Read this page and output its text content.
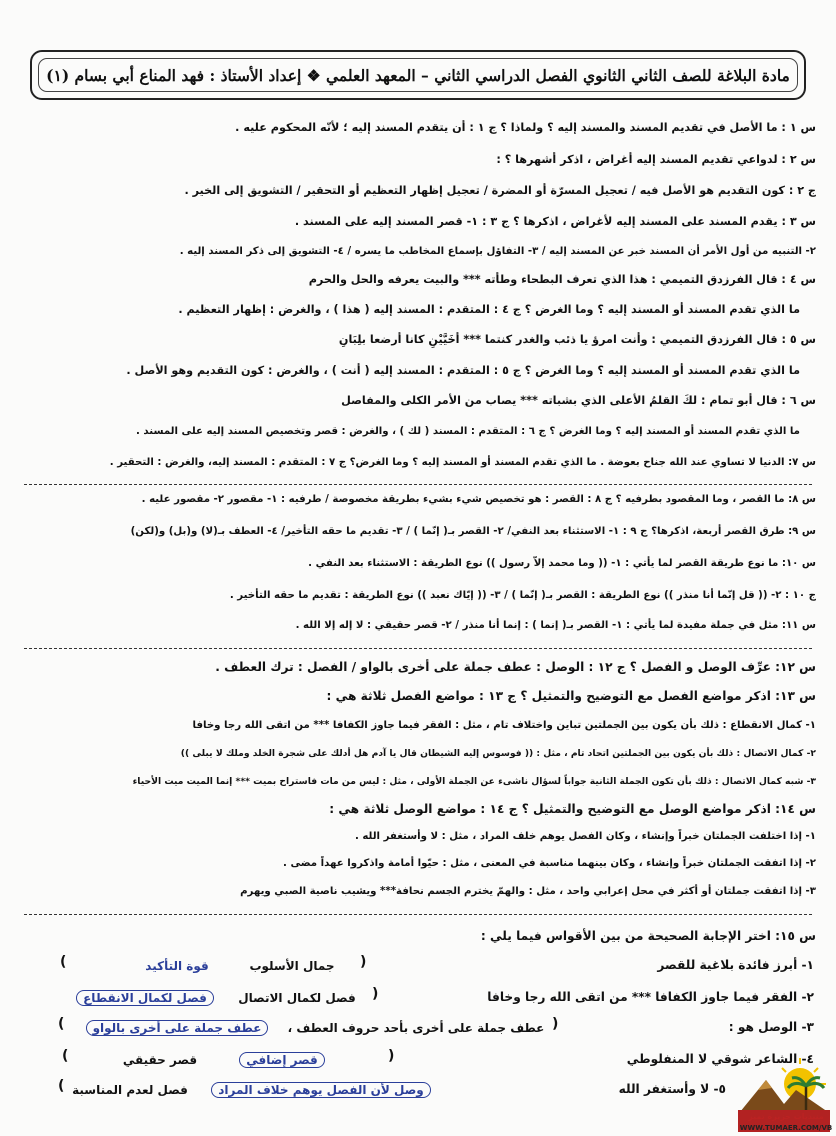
مادة البلاغة للصف الثاني الثانوي الفصل الدراسي الثاني – المعهد العلمي ❖ إعداد الأستاذ : فهد المناع أبي بسام (١)
س ١ : ما الأصل في تقديم المسند والمسند إليه ؟ ولماذا ؟ ج ١ : أن يتقدم المسند إليه ؛ لأنّه المحكوم عليه .
س ٢ : لدواعي تقديم المسند إليه أغراض ، اذكر أشهرها ؟ :
ج ٢ : كون التقديم هو الأصل فيه / تعجيل المسرّة أو المضرة / تعجيل إظهار التعظيم أو التحقير / التشويق إلى الخير .
س ٣ : يقدم المسند على المسند إليه لأغراض ، اذكرها ؟ ج ٣ : ١- قصر المسند إليه على المسند .
٢- التنبيه من أول الأمر أن المسند خبر عن المسند إليه / ٣- التفاؤل بإسماع المخاطب ما يسره / ٤- التشويق إلى ذكر المسند إليه .
س ٤ : قال الفرزدق التميمي : هذا الذي تعرف البطحاء وطأته *** والبيت يعرفه والحل والحرم
ما الذي تقدم المسند أو المسند إليه ؟ وما الغرض ؟ ج ٤ : المتقدم : المسند إليه ( هذا ) ، والغرض : إظهار التعظيم .
س ٥ : قال الفرزدق التميمي : وأنت امرؤ يا ذئب والغدر كنتما *** أُخَيَّيْنِ كانا أُرضعا بلِبَانِ
ما الذي تقدم المسند أو المسند إليه ؟ وما الغرض ؟ ج ٥ : المتقدم : المسند إليه ( أنت ) ، والغرض : كون التقديم وهو الأصل .
س ٦ : قال أبو تمام : لكَ القلمُ الأعلى الذي بشباته *** يصاب من الأمر الكلى والمفاصل
ما الذي تقدم المسند أو المسند إليه ؟ وما الغرض ؟ ج ٦ : المتقدم : المسند ( لك ) ، والغرض : قصر وتخصيص المسند إليه على المسند .
س ٧: الدنيا لا تساوي عند الله جناح بعوضة . ما الذي تقدم المسند أو المسند إليه ؟ وما الغرض؟ ج ٧ : المتقدم : المسند إليه، والغرض : التحقير .
س ٨: ما القصر ، وما المقصود بطرفيه ؟ ج ٨ : القصر : هو تخصيص شيء بشيء بطريقة مخصوصة / طرفيه : ١- مقصور ٢- مقصور عليه .
س ٩: طرق القصر أربعة، اذكرها؟ ج ٩ : ١- الاستثناء بعد النفي/ ٢- القصر بـ( إنّما ) / ٣- تقديم ما حقه التأخير/ ٤- العطف بـ(لا) و(بل) و(لكن)
س ١٠: ما نوع طريقة القصر لما يأتي : ١- (( وما محمد إلاّ رسول )) نوع الطريقة : الاستثناء بعد النفي .
ج ١٠ : ٢- (( قل إنّما أنا منذر )) نوع الطريقة : القصر بـ( إنّما ) / ٣- (( إيّاك نعبد )) نوع الطريقة : تقديم ما حقه التأخير .
س ١١: مثل في جملة مفيدة لما يأتي : ١- القصر بـ( إنما ) : إنما أنا منذر / ٢- قصر حقيقي : لا إله إلا الله .
س ١٢: عرِّف الوصل و الفصل ؟ ج ١٢ : الوصل : عطف جملة على أخرى بالواو / الفصل : ترك العطف .
س ١٣: اذكر مواضع الفصل مع التوضيح والتمثيل ؟ ج ١٣ : مواضع الفصل ثلاثة هي :
١- كمال الانقطاع : ذلك بأن يكون بين الجملتين تباين واختلاف تام ، مثل : الفقر فيما جاوز الكفافا *** من اتقى الله رجا وخافا
٢- كمال الاتصال : ذلك بأن يكون بين الجملتين اتحاد تام ، مثل : (( فوسوس إليه الشيطان قال يا آدم هل أدلك على شجرة الخلد وملك لا يبلى ))
٣- شبه كمال الاتصال : ذلك بأن تكون الجملة الثانية جواباً لسؤال ناشىء عن الجملة الأولى ، مثل : ليس من مات فاستراح بميت *** إنما الميت ميت الأحياء
س ١٤: اذكر مواضع الوصل مع التوضيح والتمثيل ؟ ج ١٤ : مواضع الوصل ثلاثة هي :
١- إذا اختلفت الجملتان خبراً وإنشاء ، وكان الفصل يوهم خلف المراد ، مثل : لا وأستغفر الله .
٢- إذا اتفقت الجملتان خبراً وإنشاء ، وكان بينهما مناسبة في المعنى ، مثل : حيّوا أمامة واذكروا عهداً مضى .
٣- إذا اتفقت جملتان أو أكثر في محل إعرابي واحد ، مثل : والهمّ يخترم الجسم نحافة*** ويشيب ناصية الصبي ويهرم
س ١٥: اختر الإجابة الصحيحة من بين الأقواس فيما يلي :
١- أبرز فائدة بلاغية للقصر
(
جمال الأسلوب
قوة التأكيد
)
٢- الفقر فيما جاوز الكفافا *** من اتقى الله رجا وخافا
(
فصل لكمال الاتصال
فصل لكمال الانقطاع
٣- الوصل هو :
(
عطف جملة على أخرى بأحد حروف العطف ،
عطف جملة على أخرى بالواو
)
٤- الشاعر شوقي لا المنفلوطي
(
قصر إضافي
قصر حقيقي
)
٥- لا وأستغفر الله
وصل لأن الفصل يوهم خلاف المراد
فصل لعدم المناسبة
)
منتديات جزيرة تمير
WWW.TUMAER.COM/VB
